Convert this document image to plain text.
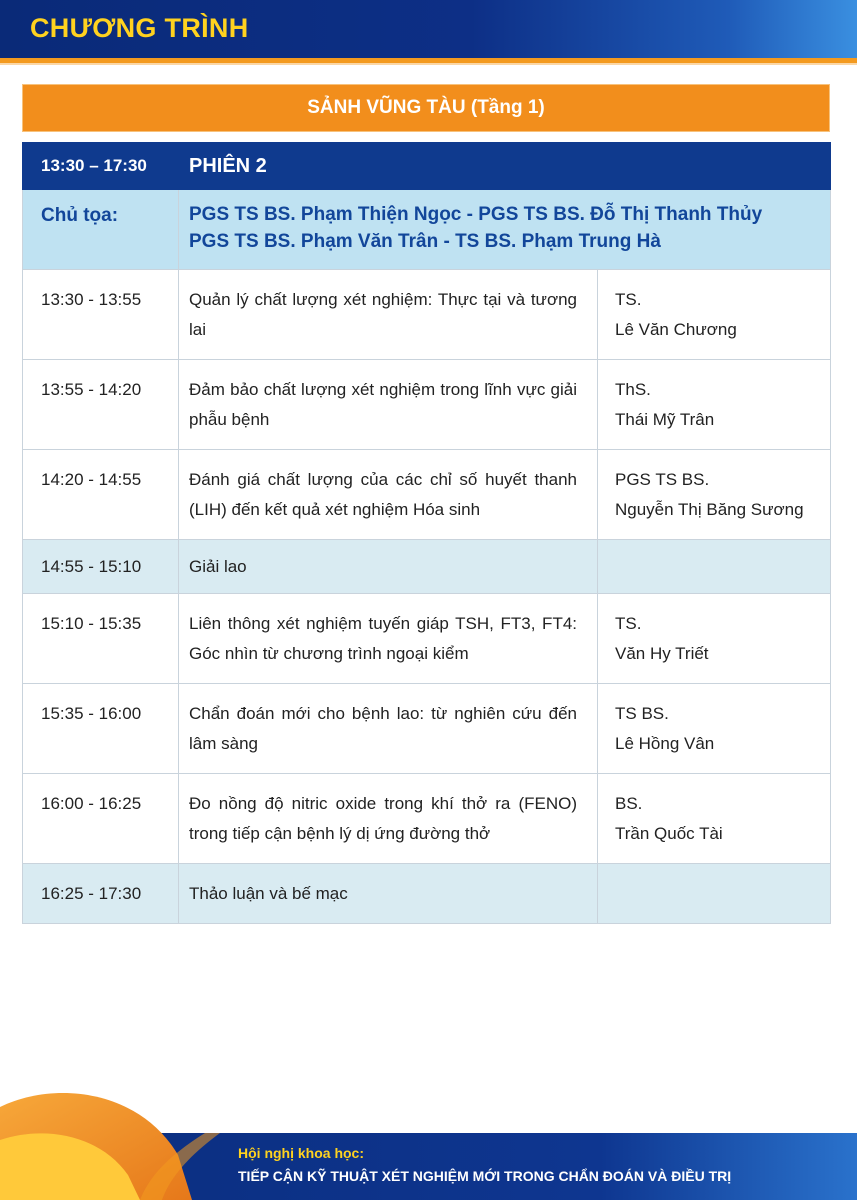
CHƯƠNG TRÌNH
SẢNH VŨNG TÀU (Tầng 1)
13:30 – 17:30	PHIÊN 2	
Chủ tọa:	PGS TS BS. Phạm Thiện Ngọc - PGS TS BS. Đỗ Thị Thanh Thủy
PGS TS BS. Phạm Văn Trân - TS BS. Phạm Trung Hà	

13:30 - 13:55	Quản lý chất lượng xét nghiệm: Thực tại và tương lai	TS.
Lê Văn Chương

13:55 - 14:20	Đảm bảo chất lượng xét nghiệm trong lĩnh vực giải phẫu bệnh	ThS.
Thái Mỹ Trân

14:20 - 14:55	Đánh giá chất lượng của các chỉ số huyết thanh (LIH) đến kết quả xét nghiệm Hóa sinh	PGS TS BS.
Nguyễn Thị Băng Sương

14:55 - 15:10	Giải lao	

15:10 - 15:35	Liên thông xét nghiệm tuyến giáp TSH, FT3, FT4: Góc nhìn từ chương trình ngoại kiểm	TS.
Văn Hy Triết

15:35 - 16:00	Chẩn đoán mới cho bệnh lao: từ nghiên cứu đến lâm sàng	TS BS.
Lê Hồng Vân

16:00 - 16:25	Đo nồng độ nitric oxide trong khí thở ra (FENO) trong tiếp cận bệnh lý dị ứng đường thở	BS.
Trần Quốc Tài

16:25 - 17:30	Thảo luận và bế mạc	

Hội nghị khoa học:
TIẾP CẬN KỸ THUẬT XÉT NGHIỆM MỚI TRONG CHẨN ĐOÁN VÀ ĐIỀU TRỊ
